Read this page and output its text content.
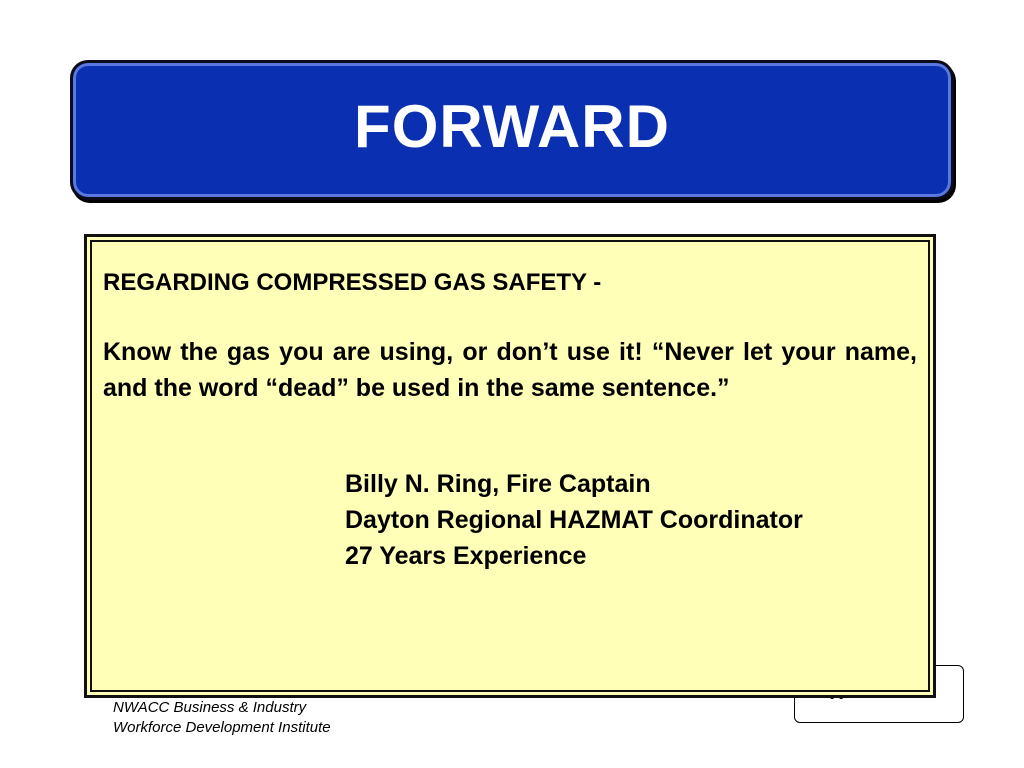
FORWARD

REGARDING COMPRESSED GAS SAFETY -

Know the gas you are using, or don’t use it! “Never let your name, and the word “dead” be used in the same sentence.”

Billy N. Ring, Fire Captain
Dayton Regional HAZMAT Coordinator
27 Years Experience
NWACC Business & Industry
Workforce Development Institute
